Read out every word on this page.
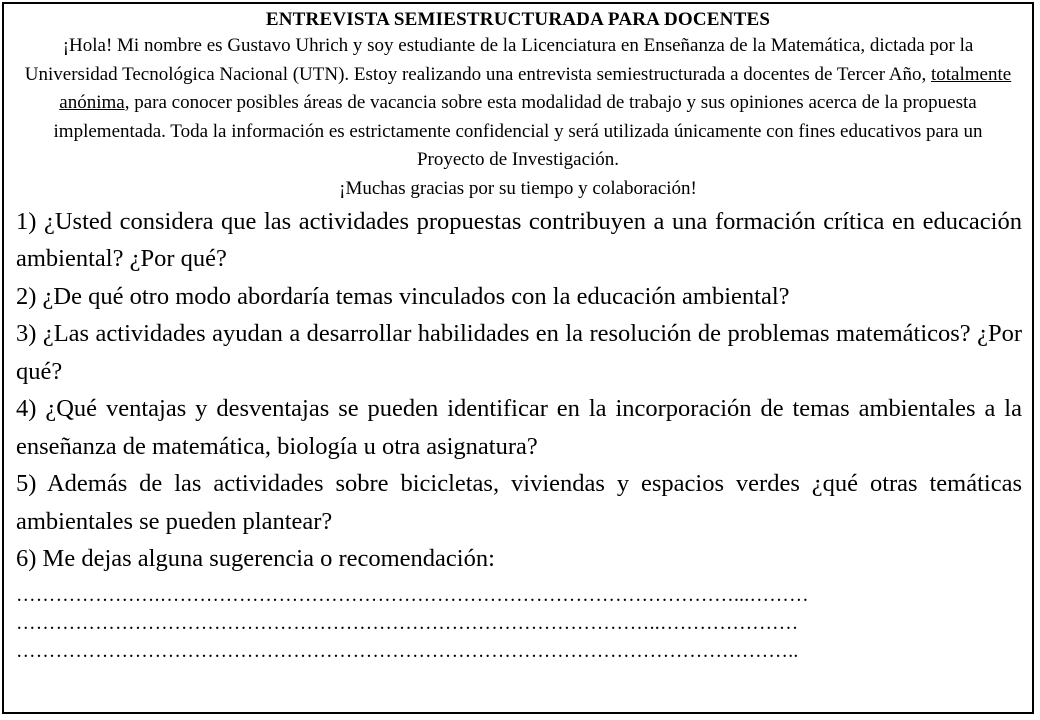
ENTREVISTA SEMIESTRUCTURADA PARA DOCENTES

¡Hola! Mi nombre es Gustavo Uhrich y soy estudiante de la Licenciatura en Enseñanza de la Matemática, dictada por la Universidad Tecnológica Nacional (UTN). Estoy realizando una entrevista semiestructurada a docentes de Tercer Año, totalmente anónima, para conocer posibles áreas de vacancia sobre esta modalidad de trabajo y sus opiniones acerca de la propuesta implementada. Toda la información es estrictamente confidencial y será utilizada únicamente con fines educativos para un Proyecto de Investigación.

¡Muchas gracias por su tiempo y colaboración!

1) ¿Usted considera que las actividades propuestas contribuyen a una formación crítica en educación ambiental? ¿Por qué?

2) ¿De qué otro modo abordaría temas vinculados con la educación ambiental?

3) ¿Las actividades ayudan a desarrollar habilidades en la resolución de problemas matemáticos? ¿Por qué?

4) ¿Qué ventajas y desventajas se pueden identificar en la incorporación de temas ambientales a la enseñanza de matemática, biología u otra asignatura?

5) Además de las actividades sobre bicicletas, viviendas y espacios verdes ¿qué otras temáticas ambientales se pueden plantear?

6) Me dejas alguna sugerencia o recomendación:

………………….……………………………………………………………………………...………
……………………………………………………………………………………..…………………
………………………………………………………………………………………………………..
